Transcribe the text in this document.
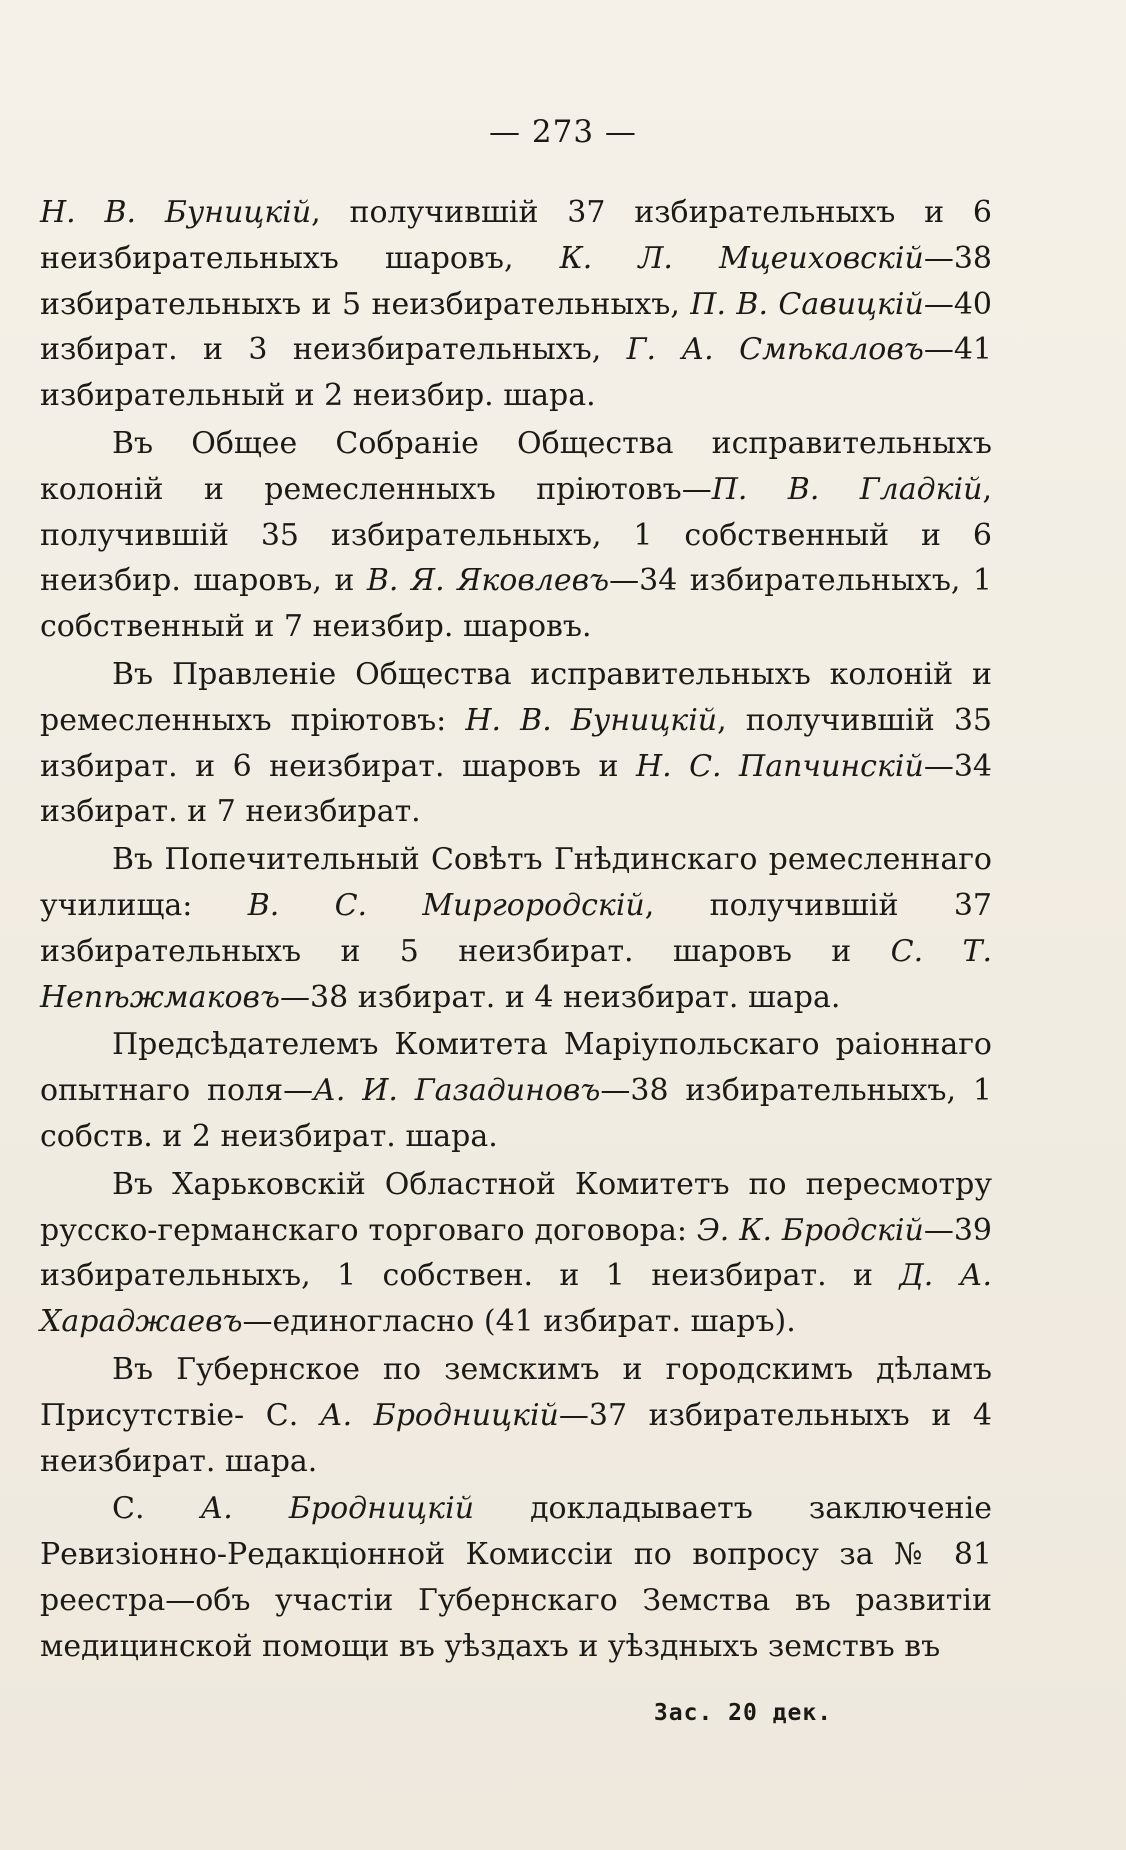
— 273 —

Н. В. Буницкій, получившій 37 избирательныхъ и 6 неизбирательныхъ шаровъ, К. Л. Мцеиховскій—38 избирательныхъ и 5 неизбирательныхъ, П. В. Савицкій—40 избират. и 3 неизбирательныхъ, Г. А. Смѣкаловъ—41 избирательный и 2 неизбир. шара.

Въ Общее Собраніе Общества исправительныхъ колоній и ремесленныхъ пріютовъ—П. В. Гладкій, получившій 35 избирательныхъ, 1 собственный и 6 неизбир. шаровъ, и В. Я. Яковлевъ—34 избирательныхъ, 1 собственный и 7 неизбир. шаровъ.

Въ Правленіе Общества исправительныхъ колоній и ремесленныхъ пріютовъ: Н. В. Буницкій, получившій 35 избират. и 6 неизбират. шаровъ и Н. С. Папчинскій—34 избират. и 7 неизбират.

Въ Попечительный Совѣтъ Гнѣдинскаго ремесленнаго училища: В. С. Миргородскій, получившій 37 избирательныхъ и 5 неизбират. шаровъ и С. Т. Непѣжмаковъ—38 избират. и 4 неизбират. шара.

Предсѣдателемъ Комитета Маріупольскаго раіоннаго опытнаго поля—А. И. Газадиновъ—38 избирательныхъ, 1 собств. и 2 неизбират. шара.

Въ Харьковскій Областной Комитетъ по пересмотру русско-германскаго торговаго договора: Э. К. Бродскій—39 избирательныхъ, 1 собствен. и 1 неизбират. и Д. А. Хараджаевъ—единогласно (41 избират. шаръ).

Въ Губернское по земскимъ и городскимъ дѣламъ Присутствіе- С. А. Бродницкій—37 избирательныхъ и 4 неизбират. шара.

С. А. Бродницкій докладываетъ заключеніе Ревизіонно-Редакціонной Комиссіи по вопросу за № 81 реестра—объ участіи Губернскаго Земства въ развитіи медицинской помощи въ уѣздахъ и уѣздныхъ земствъ въ

Зас. 20 дек.
